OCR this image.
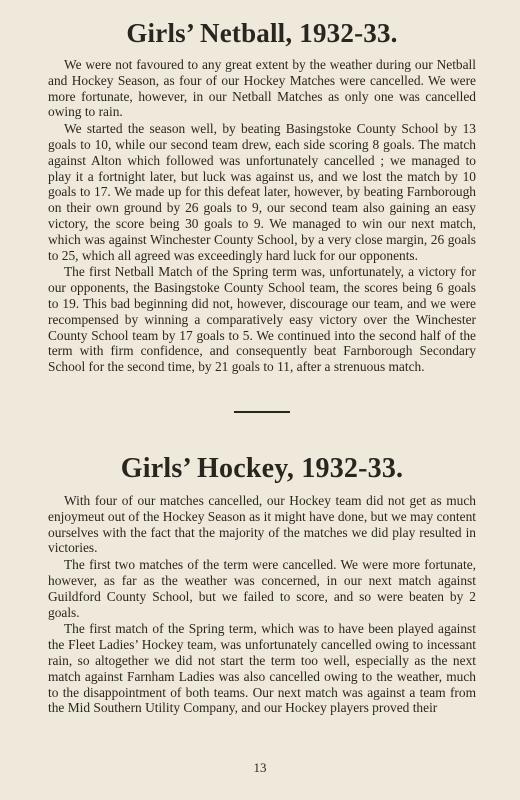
Girls’ Netball, 1932-33.

We were not favoured to any great extent by the weather during our Netball and Hockey Season, as four of our Hockey Matches were cancelled. We were more fortunate, however, in our Netball Matches as only one was cancelled owing to rain.

We started the season well, by beating Basingstoke County School by 13 goals to 10, while our second team drew, each side scoring 8 goals. The match against Alton which followed was unfortunately cancelled ; we managed to play it a fortnight later, but luck was against us, and we lost the match by 10 goals to 17. We made up for this defeat later, however, by beating Farnborough on their own ground by 26 goals to 9, our second team also gaining an easy victory, the score being 30 goals to 9. We managed to win our next match, which was against Winchester County School, by a very close margin, 26 goals to 25, which all agreed was exceedingly hard luck for our opponents.

The first Netball Match of the Spring term was, unfortunately, a victory for our opponents, the Basingstoke County School team, the scores being 6 goals to 19. This bad beginning did not, however, discourage our team, and we were recompensed by winning a comparatively easy victory over the Winchester County School team by 17 goals to 5. We continued into the second half of the term with firm confidence, and consequently beat Farnborough Secondary School for the second time, by 21 goals to 11, after a strenuous match.

Girls’ Hockey, 1932-33.

With four of our matches cancelled, our Hockey team did not get as much enjoymeut out of the Hockey Season as it might have done, but we may content ourselves with the fact that the majority of the matches we did play resulted in victories.

The first two matches of the term were cancelled. We were more fortunate, however, as far as the weather was concerned, in our next match against Guildford County School, but we failed to score, and so were beaten by 2 goals.

The first match of the Spring term, which was to have been played against the Fleet Ladies’ Hockey team, was unfortunately cancelled owing to incessant rain, so altogether we did not start the term too well, especially as the next match against Farnham Ladies was also cancelled owing to the weather, much to the disappointment of both teams. Our next match was against a team from the Mid Southern Utility Company, and our Hockey players proved their

13
